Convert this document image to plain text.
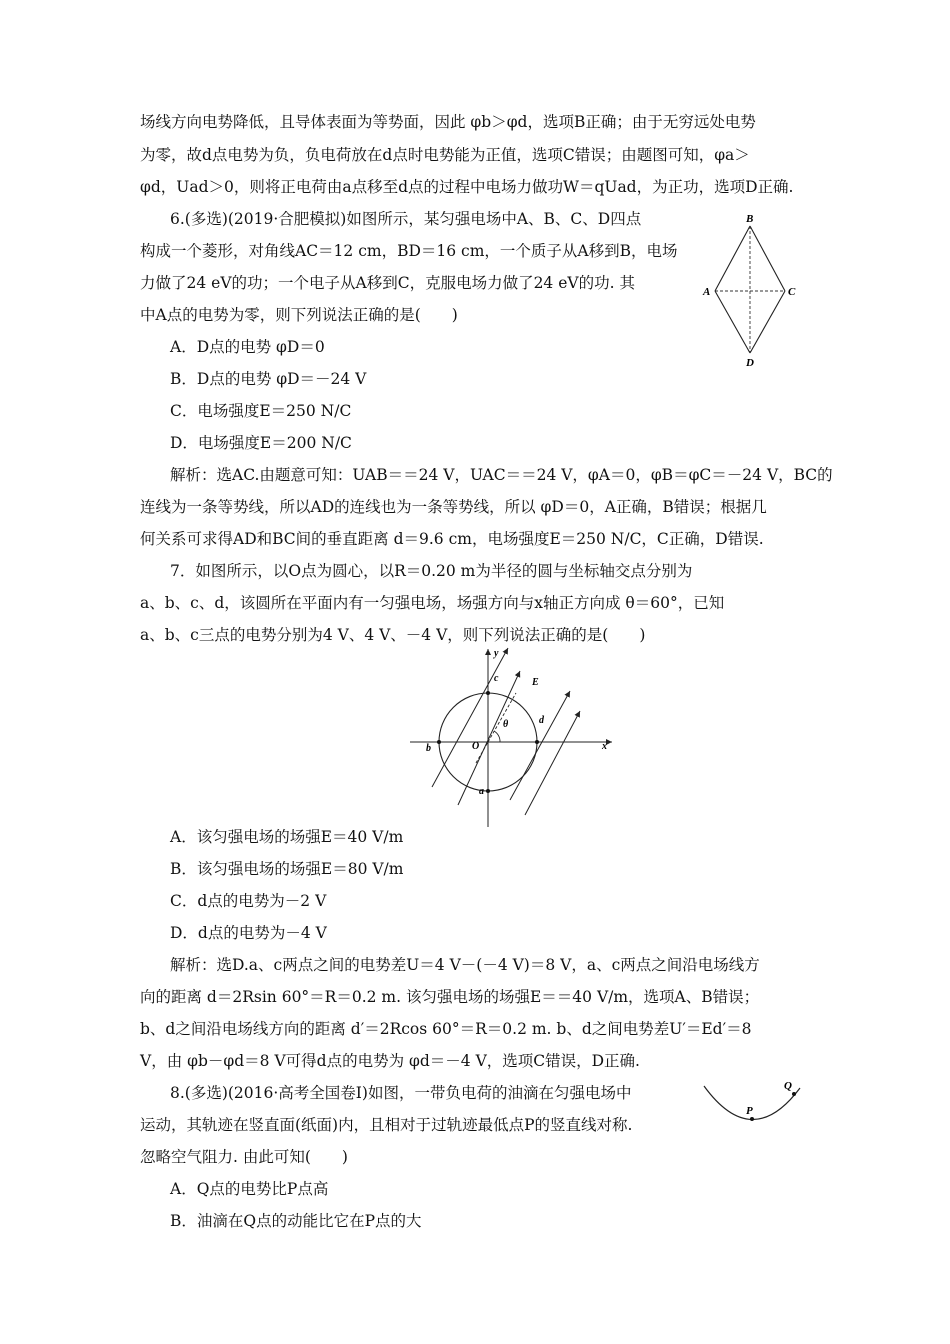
场线方向电势降低，且导体表面为等势面，因此 φb＞φd，选项B正确；由于无穷远处电势
为零，故d点电势为负，负电荷放在d点时电势能为正值，选项C错误；由题图可知，φa＞
φd，Uad＞0，则将正电荷由a点移至d点的过程中电场力做功W＝qUad，为正功，选项D正确.
6.(多选)(2019·合肥模拟)如图所示，某匀强电场中A、B、C、D四点
构成一个菱形，对角线AC＝12 cm，BD＝16 cm，一个质子从A移到B，电场
力做了24 eV的功；一个电子从A移到C，克服电场力做了24 eV的功. 其
中A点的电势为零，则下列说法正确的是(　　)
A．D点的电势 φD＝0
B．D点的电势 φD＝－24 V
C．电场强度E＝250 N/C
D．电场强度E＝200 N/C
解析：选AC.由题意可知：UAB＝＝24 V，UAC＝＝24 V，φA＝0，φB＝φC＝－24 V，BC的
连线为一条等势线，所以AD的连线也为一条等势线，所以 φD＝0，A正确，B错误；根据几
何关系可求得AD和BC间的垂直距离 d＝9.6 cm，电场强度E＝250 N/C，C正确，D错误.
7．如图所示，以O点为圆心，以R＝0.20 m为半径的圆与坐标轴交点分别为
a、b、c、d，该圆所在平面内有一匀强电场，场强方向与x轴正方向成 θ＝60°，已知
a、b、c三点的电势分别为4 V、4 V、－4 V，则下列说法正确的是(　　)
A．该匀强电场的场强E＝40 V/m
B．该匀强电场的场强E＝80 V/m
C．d点的电势为－2 V
D．d点的电势为－4 V
解析：选D.a、c两点之间的电势差U＝4 V－(－4 V)＝8 V，a、c两点之间沿电场线方
向的距离 d＝2Rsin 60°＝R＝0.2 m. 该匀强电场的场强E＝＝40 V/m，选项A、B错误；
b、d之间沿电场线方向的距离 d′＝2Rcos 60°＝R＝0.2 m. b、d之间电势差U′＝Ed′＝8
V，由 φb－φd＝8 V可得d点的电势为 φd＝－4 V，选项C错误，D正确.
8.(多选)(2016·高考全国卷Ⅰ)如图，一带负电荷的油滴在匀强电场中
运动，其轨迹在竖直面(纸面)内，且相对于过轨迹最低点P的竖直线对称.
忽略空气阻力. 由此可知(　　)
A．Q点的电势比P点高
B．油滴在Q点的动能比它在P点的大
B
A	C
D
y
x
c	E
θ	d
b	O
a
Q
P
